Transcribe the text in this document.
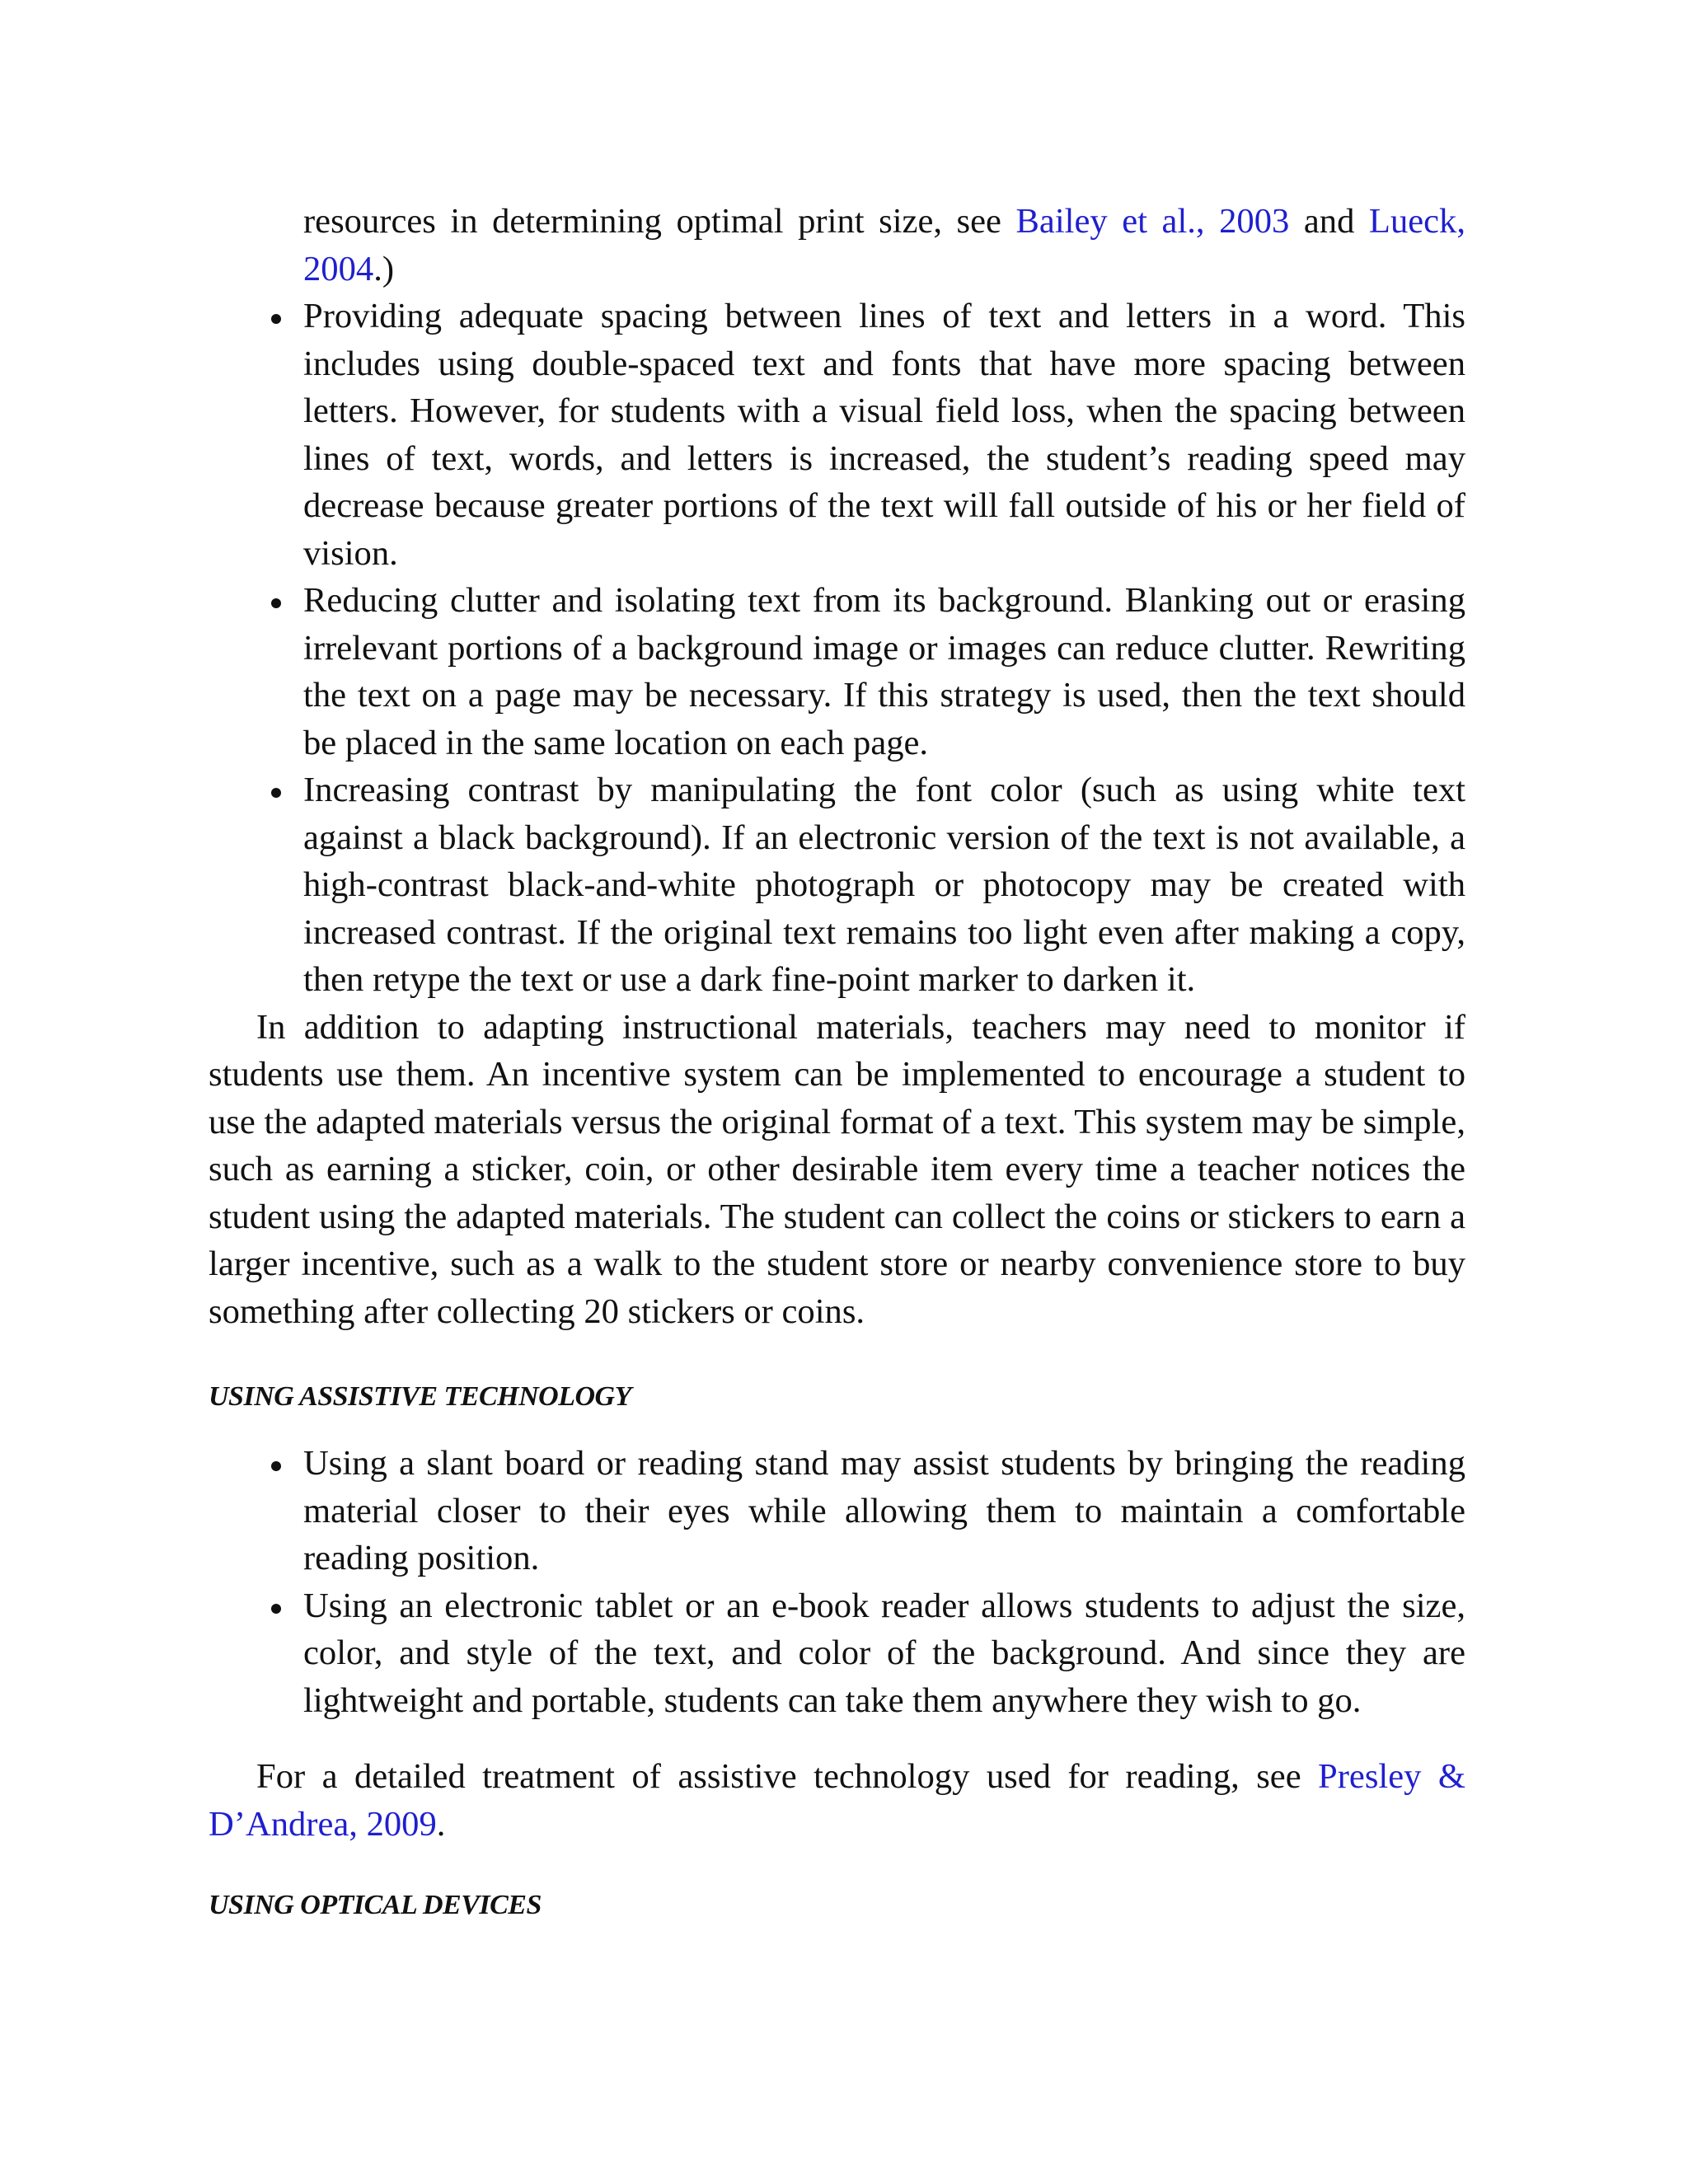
resources in determining optimal print size, see Bailey et al., 2003 and Lueck, 2004.)

Providing adequate spacing between lines of text and letters in a word. This includes using double-spaced text and fonts that have more spacing between letters. However, for students with a visual field loss, when the spacing between lines of text, words, and letters is increased, the student’s reading speed may decrease because greater portions of the text will fall outside of his or her field of vision.
Reducing clutter and isolating text from its background. Blanking out or erasing irrelevant portions of a background image or images can reduce clutter. Rewriting the text on a page may be necessary. If this strategy is used, then the text should be placed in the same location on each page.
Increasing contrast by manipulating the font color (such as using white text against a black background). If an electronic version of the text is not available, a high-contrast black-and-white photograph or photocopy may be created with increased contrast. If the original text remains too light even after making a copy, then retype the text or use a dark fine-point marker to darken it.

In addition to adapting instructional materials, teachers may need to monitor if students use them. An incentive system can be implemented to encourage a student to use the adapted materials versus the original format of a text. This system may be simple, such as earning a sticker, coin, or other desirable item every time a teacher notices the student using the adapted materials. The student can collect the coins or stickers to earn a larger incentive, such as a walk to the student store or nearby convenience store to buy something after collecting 20 stickers or coins.

USING ASSISTIVE TECHNOLOGY
Using a slant board or reading stand may assist students by bringing the reading material closer to their eyes while allowing them to maintain a comfortable reading position.
Using an electronic tablet or an e-book reader allows students to adjust the size, color, and style of the text, and color of the background. And since they are lightweight and portable, students can take them anywhere they wish to go.

For a detailed treatment of assistive technology used for reading, see Presley & D’Andrea, 2009.

USING OPTICAL DEVICES
